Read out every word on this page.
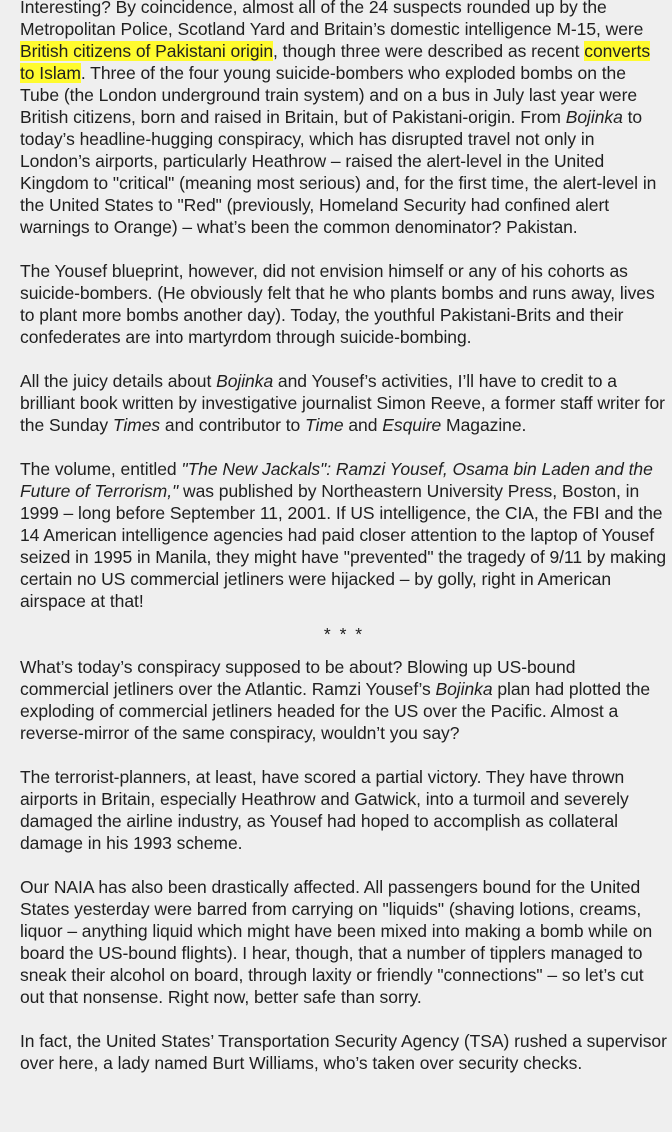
Interesting? By coincidence, almost all of the 24 suspects rounded up by the Metropolitan Police, Scotland Yard and Britain’s domestic intelligence M-15, were British citizens of Pakistani origin, though three were described as recent converts to Islam. Three of the four young suicide-bombers who exploded bombs on the Tube (the London underground train system) and on a bus in July last year were British citizens, born and raised in Britain, but of Pakistani-origin. From Bojinka to today’s headline-hugging conspiracy, which has disrupted travel not only in London’s airports, particularly Heathrow – raised the alert-level in the United Kingdom to "critical" (meaning most serious) and, for the first time, the alert-level in the United States to "Red" (previously, Homeland Security had confined alert warnings to Orange) – what’s been the common denominator? Pakistan.

The Yousef blueprint, however, did not envision himself or any of his cohorts as suicide-bombers. (He obviously felt that he who plants bombs and runs away, lives to plant more bombs another day). Today, the youthful Pakistani-Brits and their confederates are into martyrdom through suicide-bombing.

All the juicy details about Bojinka and Yousef’s activities, I’ll have to credit to a brilliant book written by investigative journalist Simon Reeve, a former staff writer for the Sunday Times and contributor to Time and Esquire Magazine.

The volume, entitled "The New Jackals": Ramzi Yousef, Osama bin Laden and the Future of Terrorism," was published by Northeastern University Press, Boston, in 1999 – long before September 11, 2001. If US intelligence, the CIA, the FBI and the 14 American intelligence agencies had paid closer attention to the laptop of Yousef seized in 1995 in Manila, they might have "prevented" the tragedy of 9/11 by making certain no US commercial jetliners were hijacked – by golly, right in American airspace at that!

* * *

What’s today’s conspiracy supposed to be about? Blowing up US-bound commercial jetliners over the Atlantic. Ramzi Yousef’s Bojinka plan had plotted the exploding of commercial jetliners headed for the US over the Pacific. Almost a reverse-mirror of the same conspiracy, wouldn’t you say?

The terrorist-planners, at least, have scored a partial victory. They have thrown airports in Britain, especially Heathrow and Gatwick, into a turmoil and severely damaged the airline industry, as Yousef had hoped to accomplish as collateral damage in his 1993 scheme.

Our NAIA has also been drastically affected. All passengers bound for the United States yesterday were barred from carrying on "liquids" (shaving lotions, creams, liquor – anything liquid which might have been mixed into making a bomb while on board the US-bound flights). I hear, though, that a number of tipplers managed to sneak their alcohol on board, through laxity or friendly "connections" – so let’s cut out that nonsense. Right now, better safe than sorry.

In fact, the United States’ Transportation Security Agency (TSA) rushed a supervisor over here, a lady named Burt Williams, who’s taken over security checks.
